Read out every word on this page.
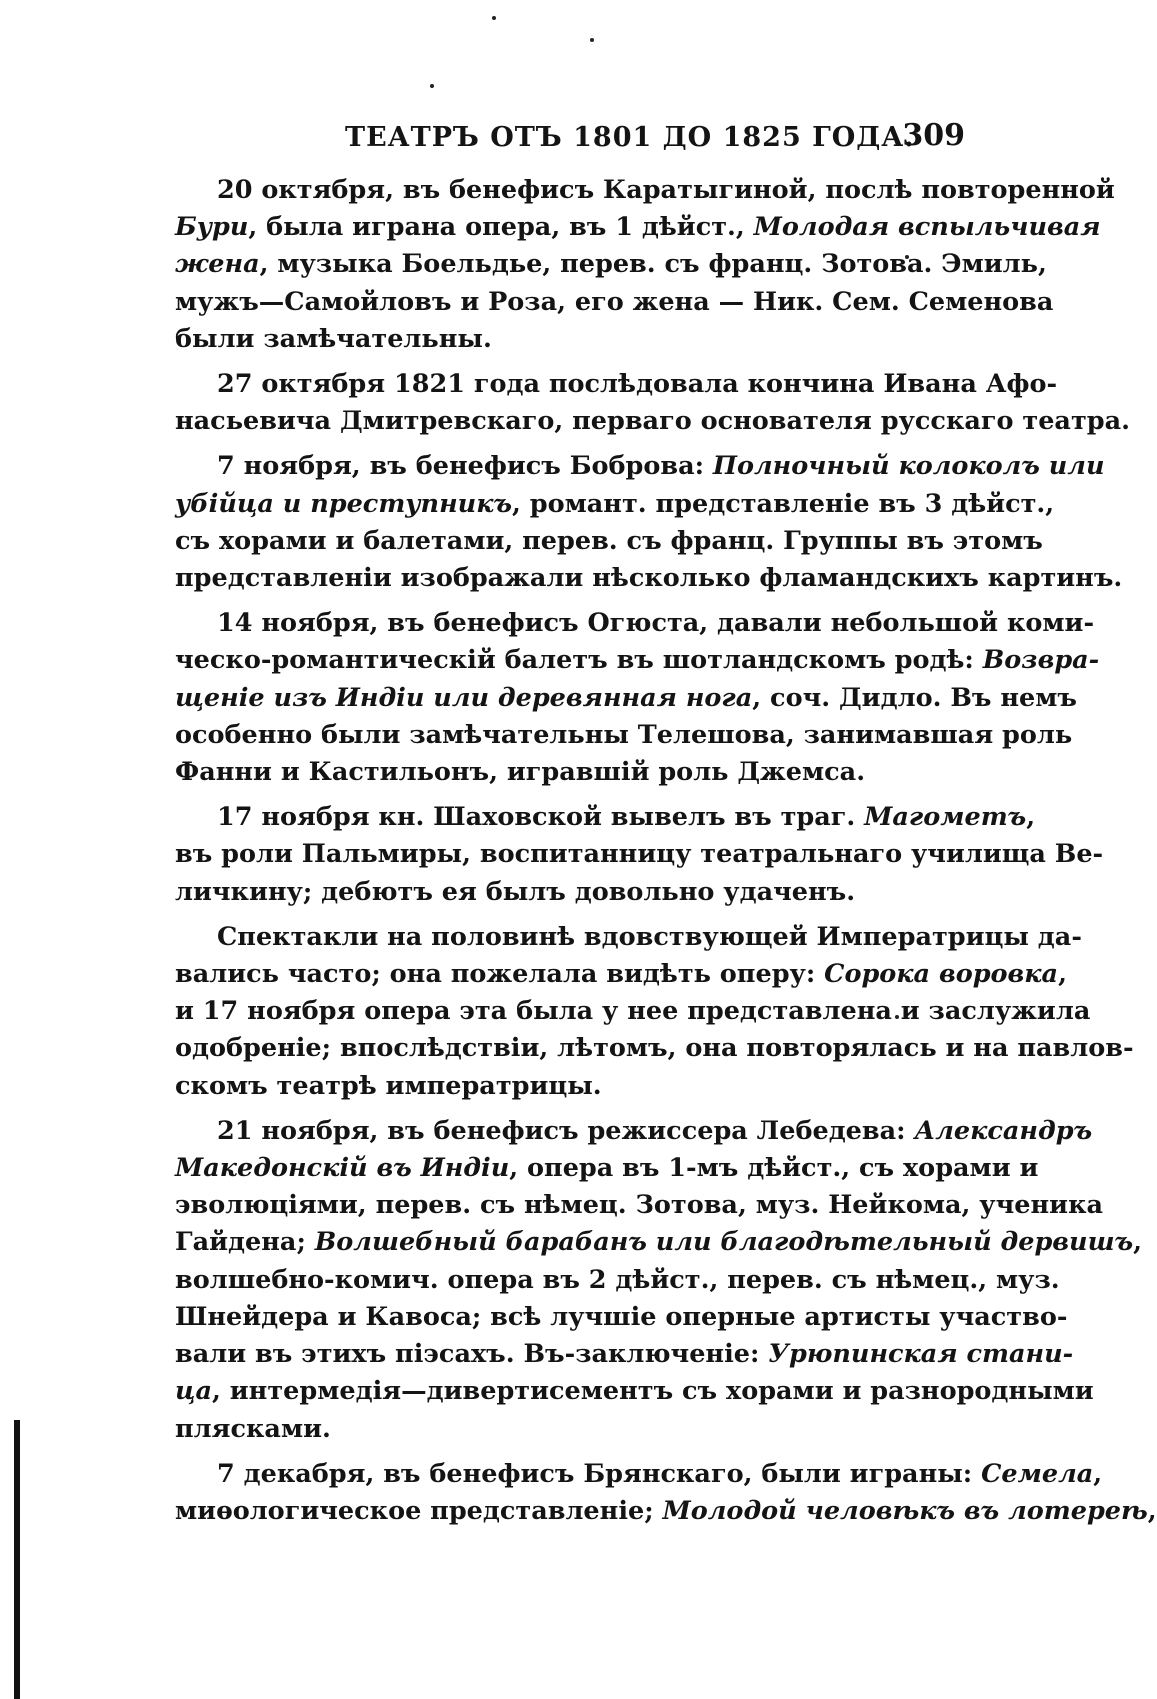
ТЕАТРЪ ОТЪ 1801 ДО 1825 ГОДА.
309
20 октября, въ бенефисъ Каратыгиной, послѣ повторенной
Бури, была играна опера, въ 1 дѣйст., Молодая вспыльчивая
жена, музыка Боельдье, перев. съ франц. Зотова. Эмиль,
мужъ—Самойловъ и Роза, его жена — Ник. Сем. Семенова
были замѣчательны.
27 октября 1821 года послѣдовала кончина Ивана Афо-
насьевича Дмитревскаго, перваго основателя русскаго театра.
7 ноября, въ бенефисъ Боброва: Полночный колоколъ или
убійца и преступникъ, романт. представленіе въ 3 дѣйст.,
съ хорами и балетами, перев. съ франц. Группы въ этомъ
представленіи изображали нѣсколько фламандскихъ картинъ.
14 ноября, въ бенефисъ Огюста, давали небольшой коми-
ческо-романтическій балетъ въ шотландскомъ родѣ: Возвра-
щеніе изъ Индіи или деревянная нога, соч. Дидло. Въ немъ
особенно были замѣчательны Телешова, занимавшая роль
Фанни и Кастильонъ, игравшій роль Джемса.
17 ноября кн. Шаховской вывелъ въ траг. Магометъ,
въ роли Пальмиры, воспитанницу театральнаго училища Ве-
личкину; дебютъ ея былъ довольно удаченъ.
Спектакли на половинѣ вдовствующей Императрицы да-
вались часто; она пожелала видѣть оперу: Сорока воровка,
и 17 ноября опера эта была у нее представлена и заслужила
одобреніе; впослѣдствіи, лѣтомъ, она повторялась и на павлов-
скомъ театрѣ императрицы.
21 ноября, въ бенефисъ режиссера Лебедева: Александръ
Македонскій въ Индіи, опера въ 1-мъ дѣйст., съ хорами и
эволюціями, перев. съ нѣмец. Зотова, муз. Нейкома, ученика
Гайдена; Волшебный барабанъ или благодѣтельный дервишъ,
волшебно-комич. опера въ 2 дѣйст., перев. съ нѣмец., муз.
Шнейдера и Кавоса; всѣ лучшіе оперные артисты участво-
вали въ этихъ піэсахъ. Въ-заключеніе: Урюпинская стани-
ца, интермедія—дивертисементъ съ хорами и разнородными
плясками.
7 декабря, въ бенефисъ Брянскаго, были играны: Семела,
миѳологическое представленіе; Молодой человѣкъ въ лотереѣ,
